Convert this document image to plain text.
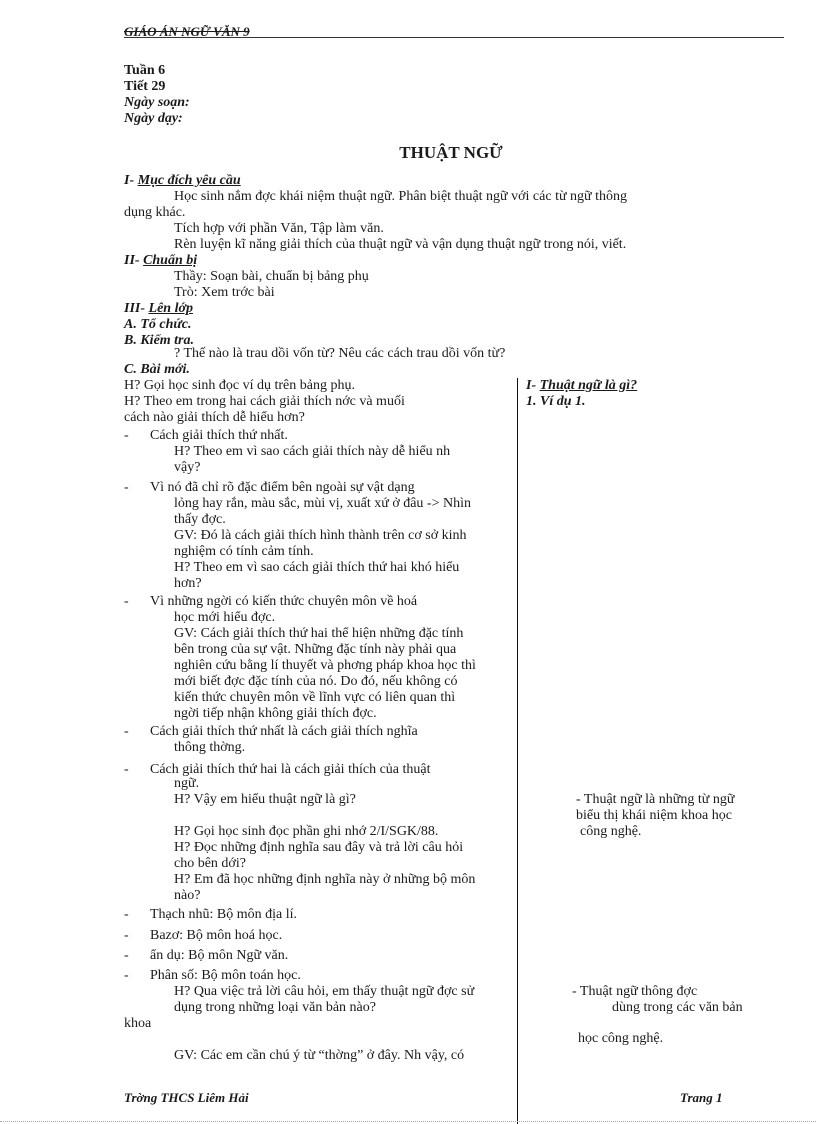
GIÁO ÁN NGỮ VĂN 9
Tuần 6
Tiết 29
Ngày soạn:
Ngày dạy:
THUẬT NGỮ
I- Mục đích yêu cầu
Học sinh nắm đợc khái niệm thuật ngữ. Phân biệt thuật ngữ với các từ ngữ thông
dụng khác.
Tích hợp với phần Văn, Tập làm văn.
Rèn luyện kĩ năng giải thích của thuật ngữ và vận dụng thuật ngữ trong nói, viết.
II- Chuẩn bị
Thầy: Soạn bài, chuẩn bị bảng phụ
Trò: Xem trớc bài
III- Lên lớp
A. Tổ chức.
B. Kiểm tra.
? Thế nào là trau dồi vốn từ? Nêu các cách trau dồi vốn từ?
C. Bài mới.
H? Gọi học sinh đọc ví dụ trên bảng phụ.
H? Theo em trong hai cách giải thích nớc và muối
cách nào giải thích dễ hiểu hơn?
- Cách giải thích thứ nhất.
H? Theo em vì sao cách giải thích này dễ hiểu nh
vậy?
- Vì nó đã chỉ rõ đặc điểm bên ngoài sự vật dạng
lỏng hay rắn, màu sắc, mùi vị, xuất xứ ở đâu -> Nhìn
thấy đợc.
GV: Đó là cách giải thích hình thành trên cơ sở kinh
nghiệm có tính cảm tính.
H? Theo em vì sao cách giải thích thứ hai khó hiểu
hơn?
- Vì những ngời có kiến thức chuyên môn về hoá
học mới hiểu đợc.
GV: Cách giải thích thứ hai thể hiện những đặc tính
bên trong của sự vật. Những đặc tính này phải qua
nghiên cứu bằng lí thuyết và phơng pháp khoa học thì
mới biết đợc đặc tính của nó. Do đó, nếu không có
kiến thức chuyên môn về lĩnh vực có liên quan thì
ngời tiếp nhận không giải thích đợc.
- Cách giải thích thứ nhất là cách giải thích nghĩa
thông thờng.
- Cách giải thích thứ hai là cách giải thích của thuật
ngữ.
H? Vậy em hiểu thuật ngữ là gì?
H? Gọi học sinh đọc phần ghi nhớ 2/I/SGK/88.
H? Đọc những định nghĩa sau đây và trả lời câu hỏi
cho bên dới?
H? Em đã học những định nghĩa này ở những bộ môn
nào?
- Thạch nhũ: Bộ môn địa lí.
- Bazơ: Bộ môn hoá học.
- ẩn dụ: Bộ môn Ngữ văn.
- Phân số: Bộ môn toán học.
H? Qua việc trả lời câu hỏi, em thấy thuật ngữ đợc sử
dụng trong những loại văn bản nào?
khoa
GV: Các em cần chú ý từ “thờng” ở đây. Nh vậy, có
I- Thuật ngữ là gì?
1. Ví dụ 1.
- Thuật ngữ là những từ ngữ
biểu thị khái niệm khoa học
công nghệ.
- Thuật ngữ thông đợc
dùng trong các văn bản
học công nghệ.
Trờng THCS Liêm Hải	Trang 1
